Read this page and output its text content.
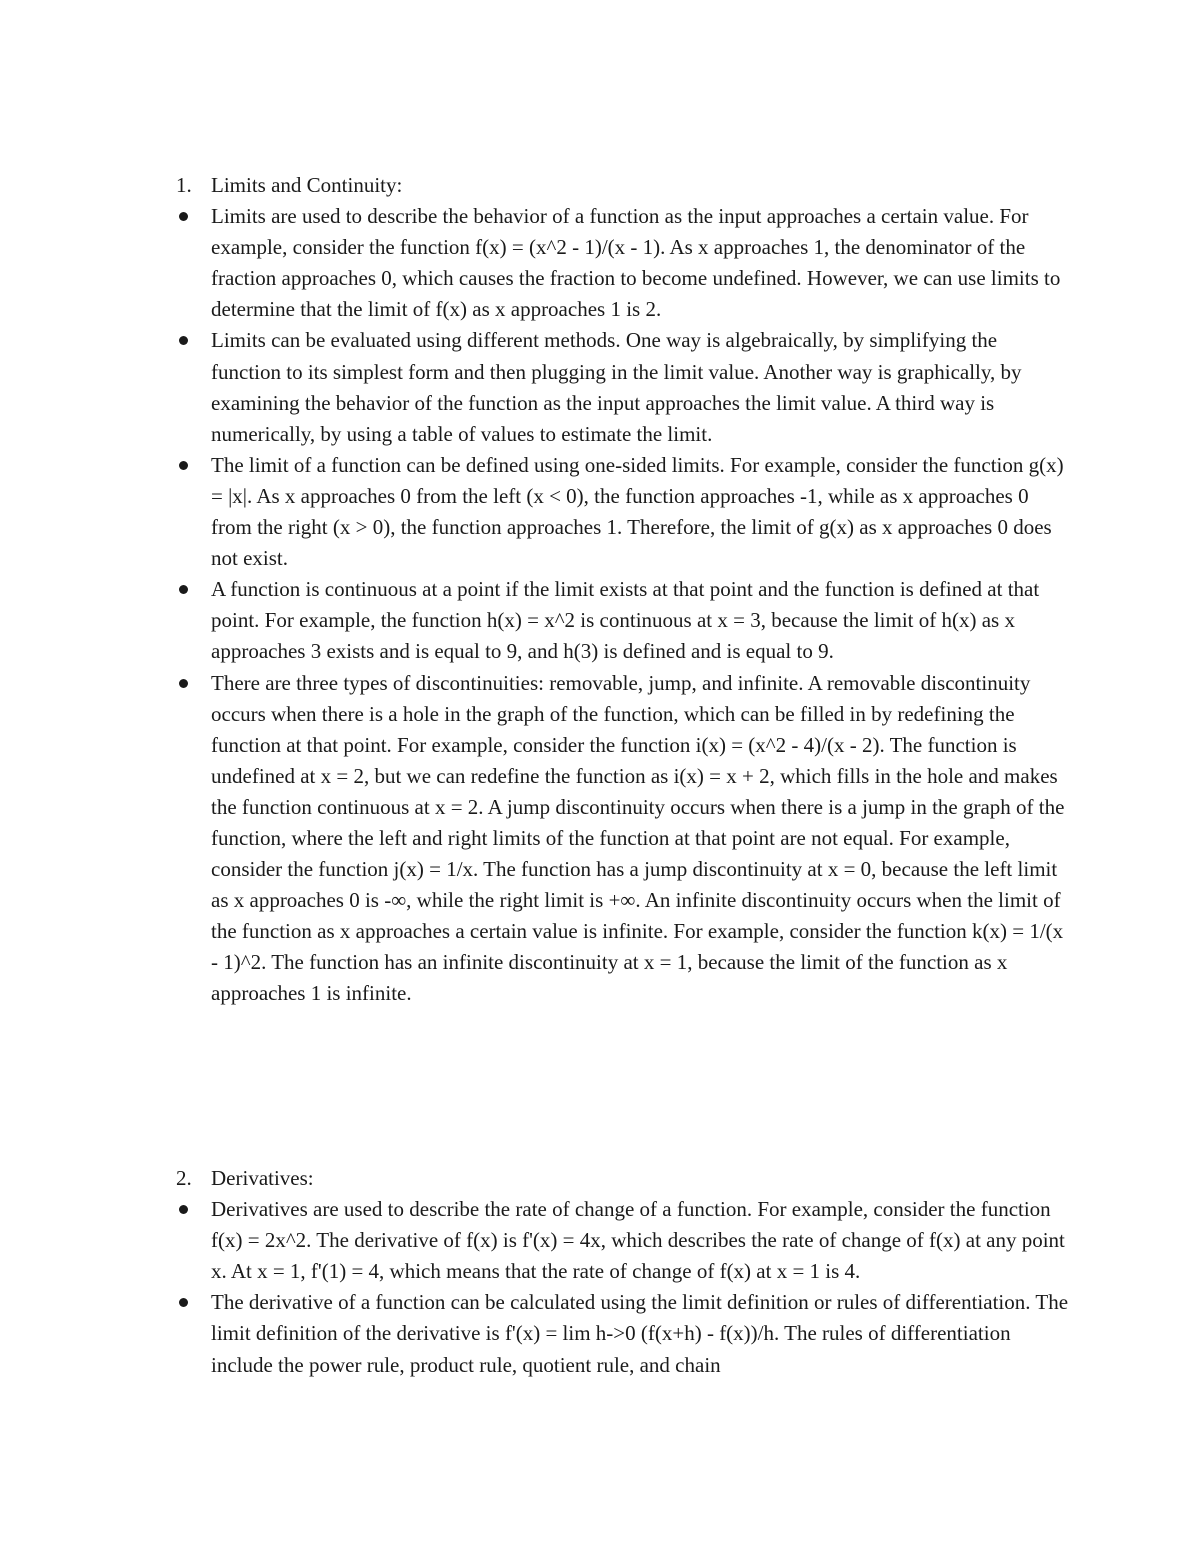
1. Limits and Continuity:
Limits are used to describe the behavior of a function as the input approaches a certain value. For example, consider the function f(x) = (x^2 - 1)/(x - 1). As x approaches 1, the denominator of the fraction approaches 0, which causes the fraction to become undefined. However, we can use limits to determine that the limit of f(x) as x approaches 1 is 2.
Limits can be evaluated using different methods. One way is algebraically, by simplifying the function to its simplest form and then plugging in the limit value. Another way is graphically, by examining the behavior of the function as the input approaches the limit value. A third way is numerically, by using a table of values to estimate the limit.
The limit of a function can be defined using one-sided limits. For example, consider the function g(x) = |x|. As x approaches 0 from the left (x < 0), the function approaches -1, while as x approaches 0 from the right (x > 0), the function approaches 1. Therefore, the limit of g(x) as x approaches 0 does not exist.
A function is continuous at a point if the limit exists at that point and the function is defined at that point. For example, the function h(x) = x^2 is continuous at x = 3, because the limit of h(x) as x approaches 3 exists and is equal to 9, and h(3) is defined and is equal to 9.
There are three types of discontinuities: removable, jump, and infinite. A removable discontinuity occurs when there is a hole in the graph of the function, which can be filled in by redefining the function at that point. For example, consider the function i(x) = (x^2 - 4)/(x - 2). The function is undefined at x = 2, but we can redefine the function as i(x) = x + 2, which fills in the hole and makes the function continuous at x = 2. A jump discontinuity occurs when there is a jump in the graph of the function, where the left and right limits of the function at that point are not equal. For example, consider the function j(x) = 1/x. The function has a jump discontinuity at x = 0, because the left limit as x approaches 0 is -∞, while the right limit is +∞. An infinite discontinuity occurs when the limit of the function as x approaches a certain value is infinite. For example, consider the function k(x) = 1/(x - 1)^2. The function has an infinite discontinuity at x = 1, because the limit of the function as x approaches 1 is infinite.
2. Derivatives:
Derivatives are used to describe the rate of change of a function. For example, consider the function f(x) = 2x^2. The derivative of f(x) is f'(x) = 4x, which describes the rate of change of f(x) at any point x. At x = 1, f'(1) = 4, which means that the rate of change of f(x) at x = 1 is 4.
The derivative of a function can be calculated using the limit definition or rules of differentiation. The limit definition of the derivative is f'(x) = lim h->0 (f(x+h) - f(x))/h. The rules of differentiation include the power rule, product rule, quotient rule, and chain
